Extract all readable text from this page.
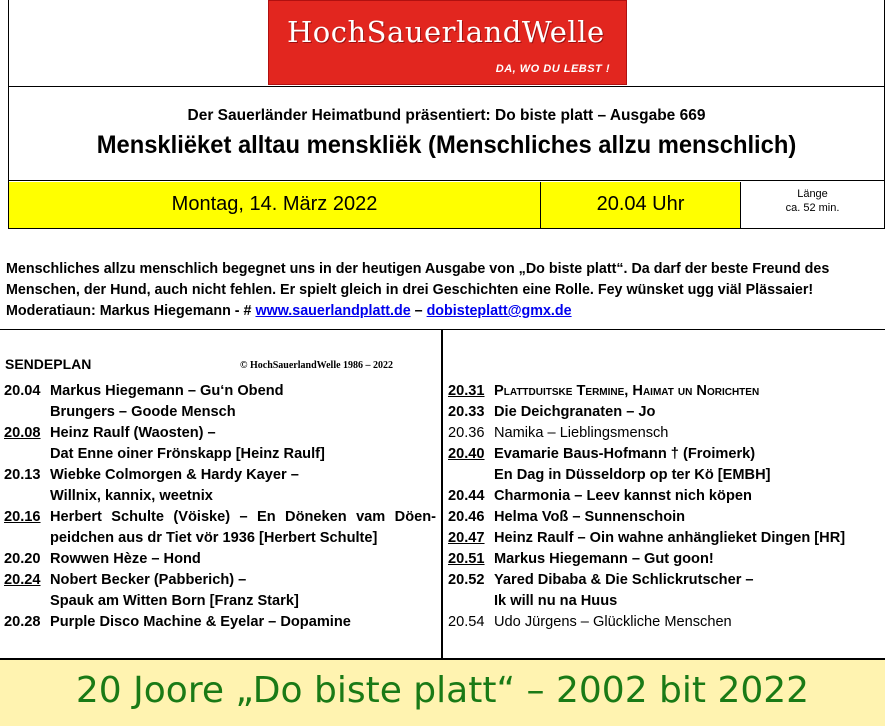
HochSauerlandWelle
DA, WO DU LEBST !
Der Sauerländer Heimatbund präsentiert: Do biste platt – Ausgabe 669
Menskliëket alltau menskliëk (Menschliches allzu menschlich)
Montag, 14. März 2022	20.04 Uhr	Länge
ca. 52 min.
Menschliches allzu menschlich begegnet uns in der heutigen Ausgabe von „Do biste platt“. Da darf der beste Freund des Menschen, der Hund, auch nicht fehlen. Er spielt gleich in drei Geschichten eine Rolle. Fey wünsket ugg viäl Plässaier! Moderatiaun: Markus Hiegemann - # www.sauerlandplatt.de – dobisteplatt@gmx.de
SENDEPLAN	© HochSauerlandWelle 1986 – 2022
20.04 Markus Hiegemann – Gu‘n Obend
Brungers – Goode Mensch
20.08 Heinz Raulf (Waosten) –
Dat Enne oiner Frönskapp [Heinz Raulf]
20.13 Wiebke Colmorgen & Hardy Kayer –
Willnix, kannix, weetnix
20.16 Herbert Schulte (Vöiske) – En Döneken vam Döen-
peidchen aus dr Tiet vör 1936 [Herbert Schulte]
20.20 Rowwen Hèze – Hond
20.24 Nobert Becker (Pabberich) –
Spauk am Witten Born [Franz Stark]
20.28 Purple Disco Machine & Eyelar – Dopamine
20.31 Plattduitske Termine, Haimat un Norichten
20.33 Die Deichgranaten – Jo
20.36 Namika – Lieblingsmensch
20.40 Evamarie Baus-Hofmann † (Froimerk)
En Dag in Düsseldorp op ter Kö [EMBH]
20.44 Charmonia – Leev kannst nich köpen
20.46 Helma Voß – Sunnenschoin
20.47 Heinz Raulf – Oin wahne anhänglieket Dingen [HR]
20.51 Markus Hiegemann – Gut goon!
20.52 Yared Dibaba & Die Schlickrutscher –
Ik will nu na Huus
20.54 Udo Jürgens – Glückliche Menschen
20 Joore „Do biste platt“ – 2002 bit 2022
